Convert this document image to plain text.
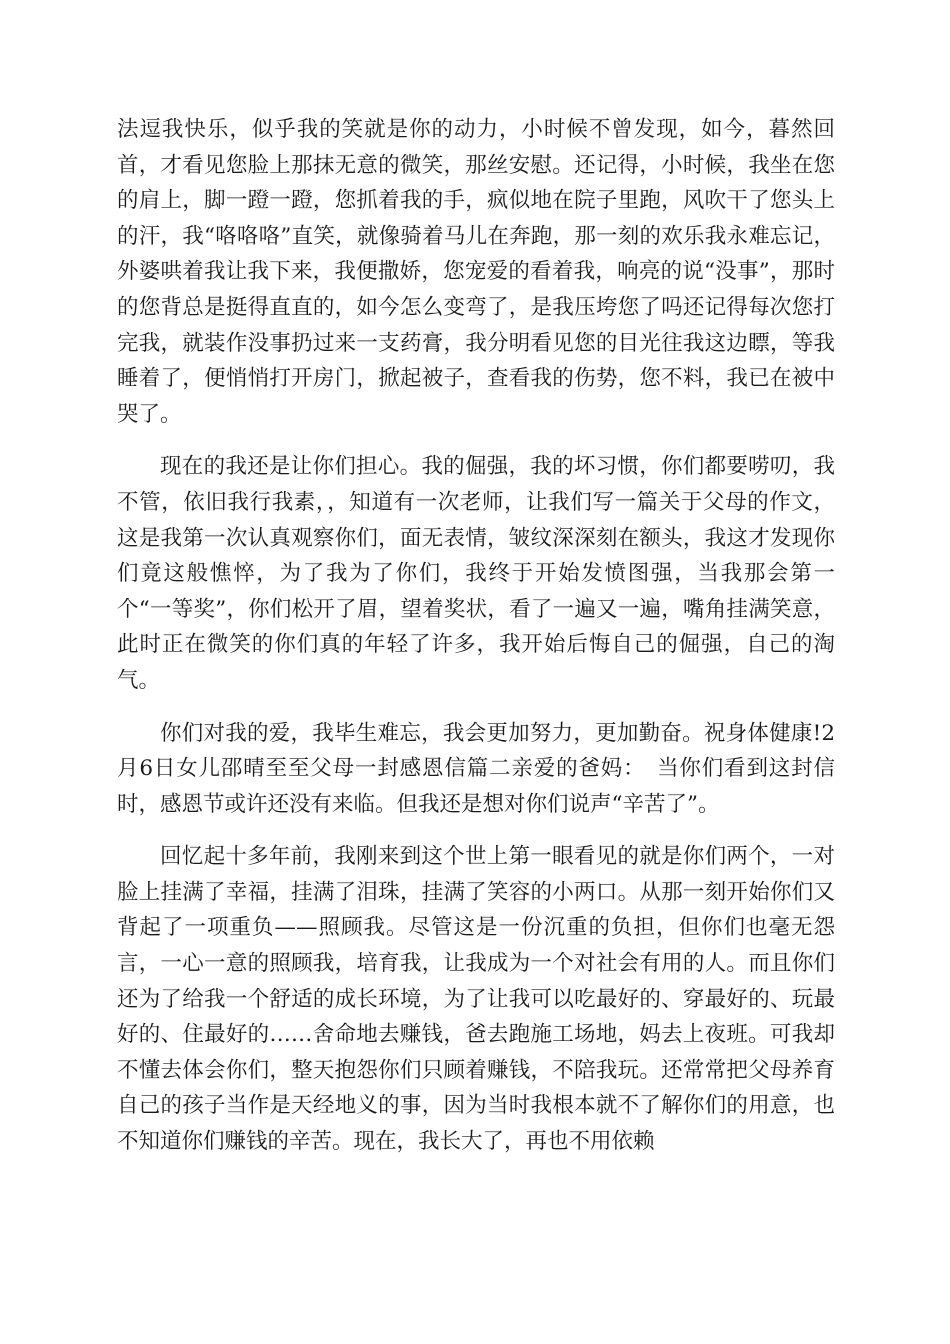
法逗我快乐，似乎我的笑就是你的动力，小时候不曾发现，如今，暮然回首，才看见您脸上那抹无意的微笑，那丝安慰。还记得，小时候，我坐在您的肩上，脚一蹬一蹬，您抓着我的手，疯似地在院子里跑，风吹干了您头上的汗，我“咯咯咯”直笑，就像骑着马儿在奔跑，那一刻的欢乐我永难忘记，外婆哄着我让我下来，我便撒娇，您宠爱的看着我，响亮的说“没事”，那时的您背总是挺得直直的，如今怎么变弯了，是我压垮您了吗还记得每次您打完我，就装作没事扔过来一支药膏，我分明看见您的目光往我这边瞟，等我睡着了，便悄悄打开房门，掀起被子，查看我的伤势，您不料，我已在被中哭了。

现在的我还是让你们担心。我的倔强，我的坏习惯，你们都要唠叨，我不管，依旧我行我素，，知道有一次老师，让我们写一篇关于父母的作文，这是我第一次认真观察你们，面无表情，皱纹深深刻在额头，我这才发现你们竟这般憔悴，为了我为了你们，我终于开始发愤图强，当我那会第一个“一等奖”，你们松开了眉，望着奖状，看了一遍又一遍，嘴角挂满笑意，此时正在微笑的你们真的年轻了许多，我开始后悔自己的倔强，自己的淘气。

你们对我的爱，我毕生难忘，我会更加努力，更加勤奋。祝身体健康!2月6日女儿邵晴至至父母一封感恩信篇二亲爱的爸妈：　当你们看到这封信时，感恩节或许还没有来临。但我还是想对你们说声“辛苦了”。

回忆起十多年前，我刚来到这个世上第一眼看见的就是你们两个，一对脸上挂满了幸福，挂满了泪珠，挂满了笑容的小两口。从那一刻开始你们又背起了一项重负——照顾我。尽管这是一份沉重的负担，但你们也毫无怨言，一心一意的照顾我，培育我，让我成为一个对社会有用的人。而且你们还为了给我一个舒适的成长环境，为了让我可以吃最好的、穿最好的、玩最好的、住最好的……舍命地去赚钱，爸去跑施工场地，妈去上夜班。可我却不懂去体会你们，整天抱怨你们只顾着赚钱，不陪我玩。还常常把父母养育自己的孩子当作是天经地义的事，因为当时我根本就不了解你们的用意，也不知道你们赚钱的辛苦。现在，我长大了，再也不用依赖
